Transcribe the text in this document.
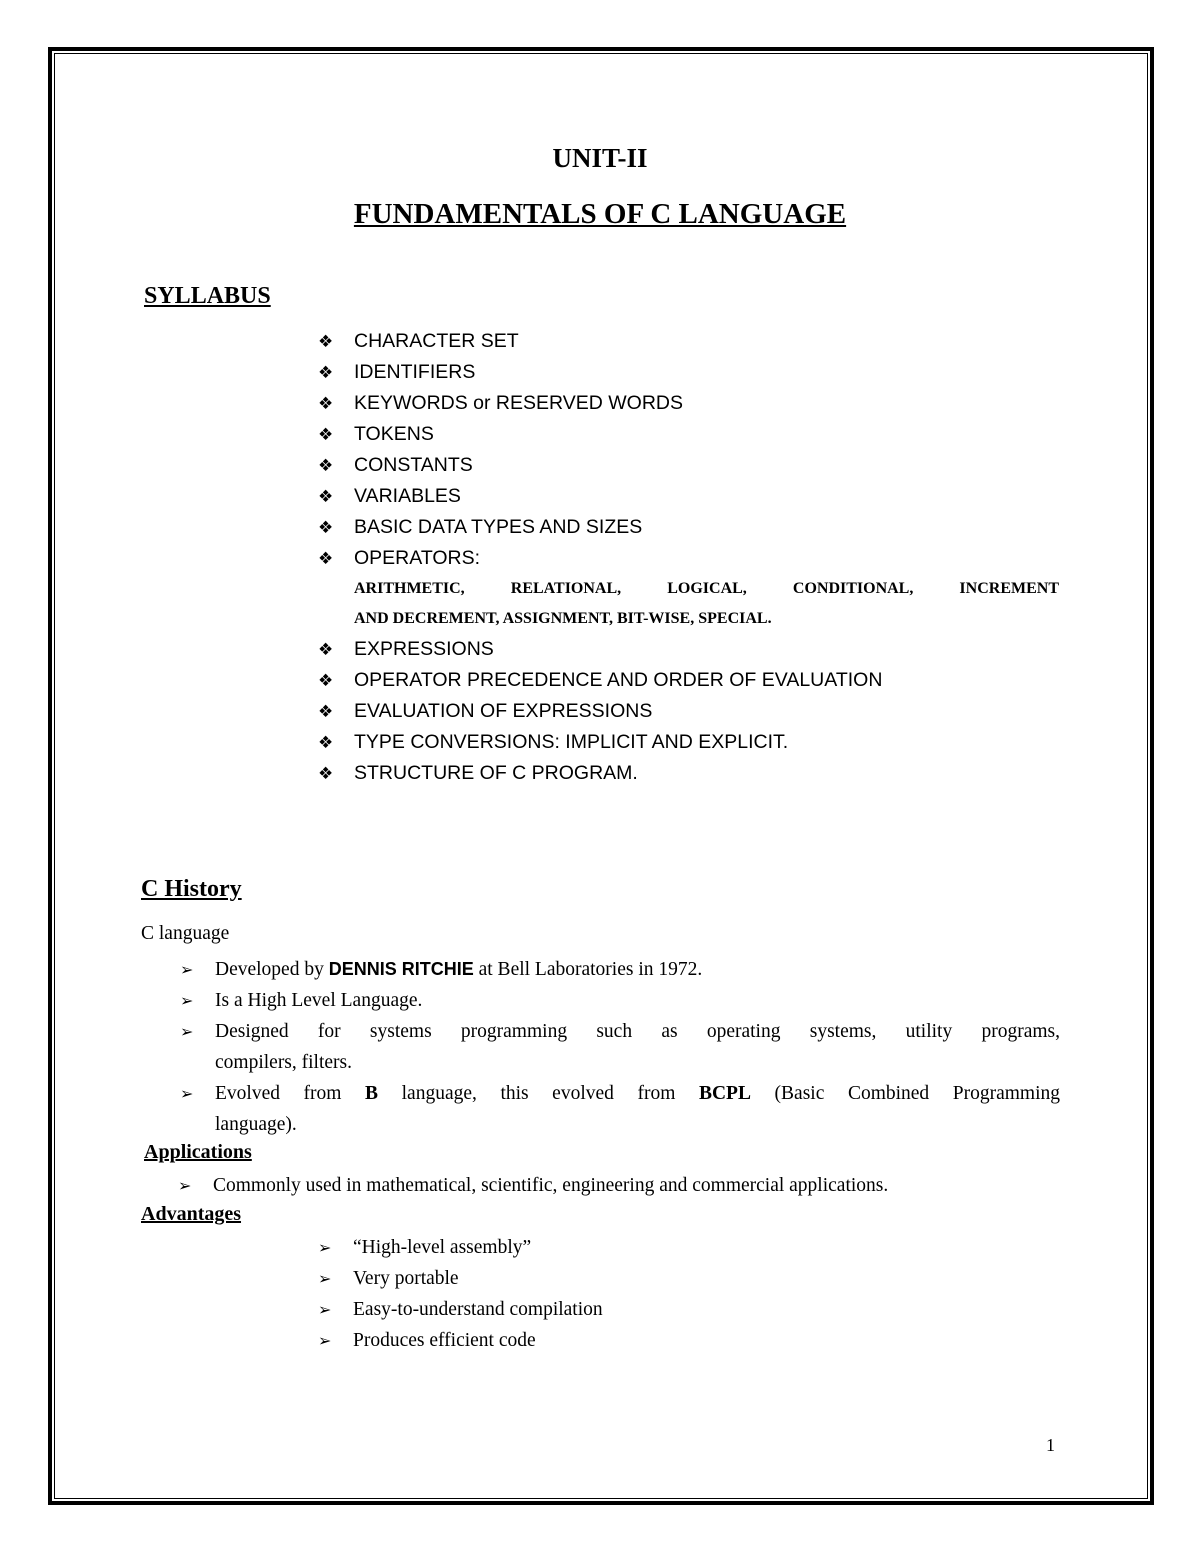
UNIT-II
FUNDAMENTALS OF C LANGUAGE
SYLLABUS
❖ CHARACTER SET
❖ IDENTIFIERS
❖ KEYWORDS or RESERVED WORDS
❖ TOKENS
❖ CONSTANTS
❖ VARIABLES
❖ BASIC DATA TYPES AND SIZES
❖ OPERATORS:
ARITHMETIC, RELATIONAL, LOGICAL, CONDITIONAL, INCREMENT
AND DECREMENT, ASSIGNMENT, BIT-WISE, SPECIAL.
❖ EXPRESSIONS
❖ OPERATOR PRECEDENCE AND ORDER OF EVALUATION
❖ EVALUATION OF EXPRESSIONS
❖ TYPE CONVERSIONS: IMPLICIT AND EXPLICIT.
❖ STRUCTURE OF C PROGRAM.
C History
C language
➢ Developed by DENNIS RITCHIE at Bell Laboratories in 1972.
➢ Is a High Level Language.
➢ Designed for systems programming such as operating systems, utility programs,
compilers, filters.
➢ Evolved from B language, this evolved from BCPL (Basic Combined Programming
language).
Applications
➢ Commonly used in mathematical, scientific, engineering and commercial applications.
Advantages
➢ “High-level assembly”
➢ Very portable
➢ Easy-to-understand compilation
➢ Produces efficient code
1
